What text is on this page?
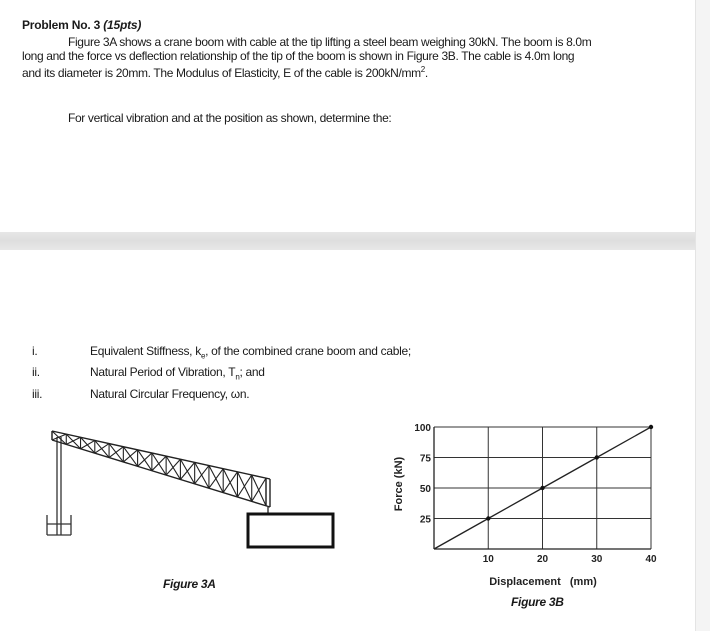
Problem No. 3 (15pts)
Figure 3A shows a crane boom with cable at the tip lifting a steel beam weighing 30kN. The boom is 8.0m
long and the force vs deflection relationship of the tip of the boom is shown in Figure 3B. The cable is 4.0m long
and its diameter is 20mm. The Modulus of Elasticity, E of the cable is $200kN/mm^2$.
For vertical vibration and at the position as shown, determine the:
i.	Equivalent Stiffness, $k_e$, of the combined crane boom and cable;
ii.	Natural Period of Vibration, $T_n$; and
iii.	Natural Circular Frequency, ωn.
10	20	30	40
25
50
75
100
Force (kN)
Displacement   (mm)
Figure 3A
Figure 3B
